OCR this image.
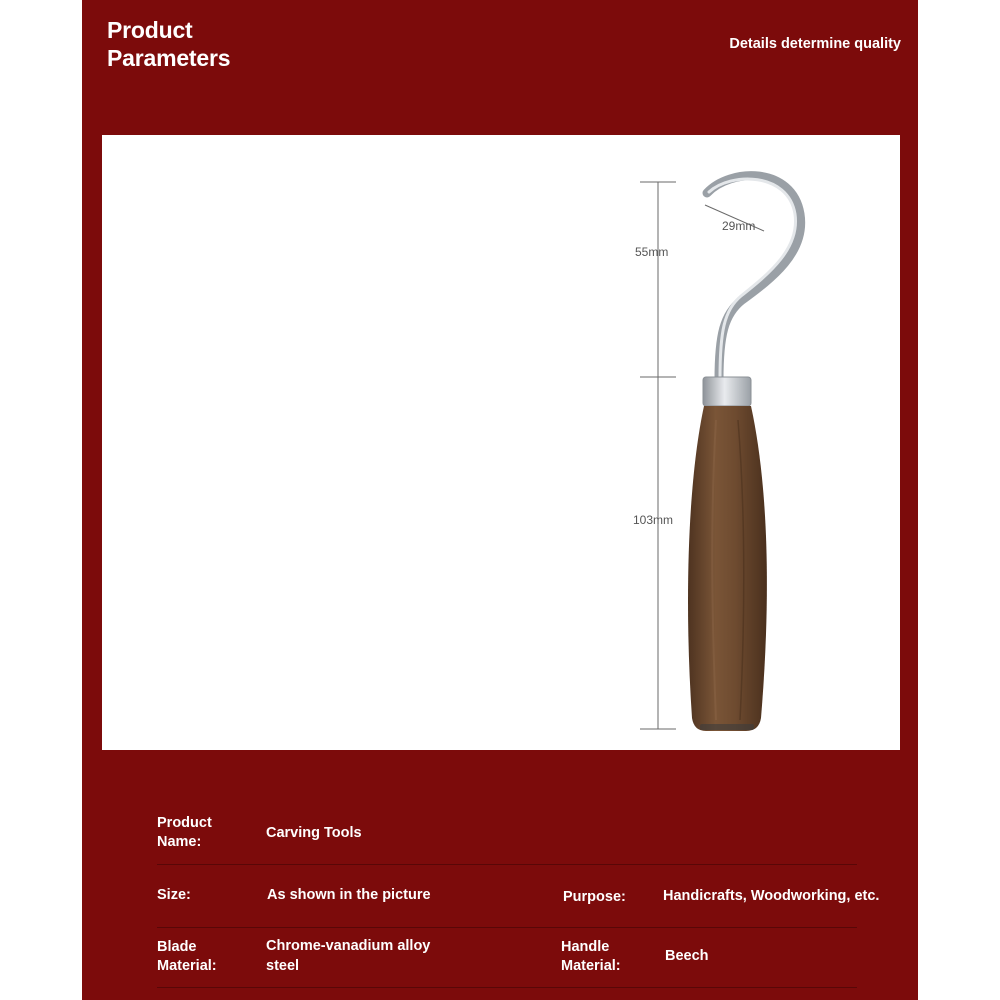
Product
Parameters
Details determine quality
55mm
103mm
29mm
Product Name:
Carving Tools
Size:	As shown in the picture	Purpose:	Handicrafts, Woodworking, etc.
Blade Material:
Chrome-vanadium alloy steel
Handle Material:
Beech
